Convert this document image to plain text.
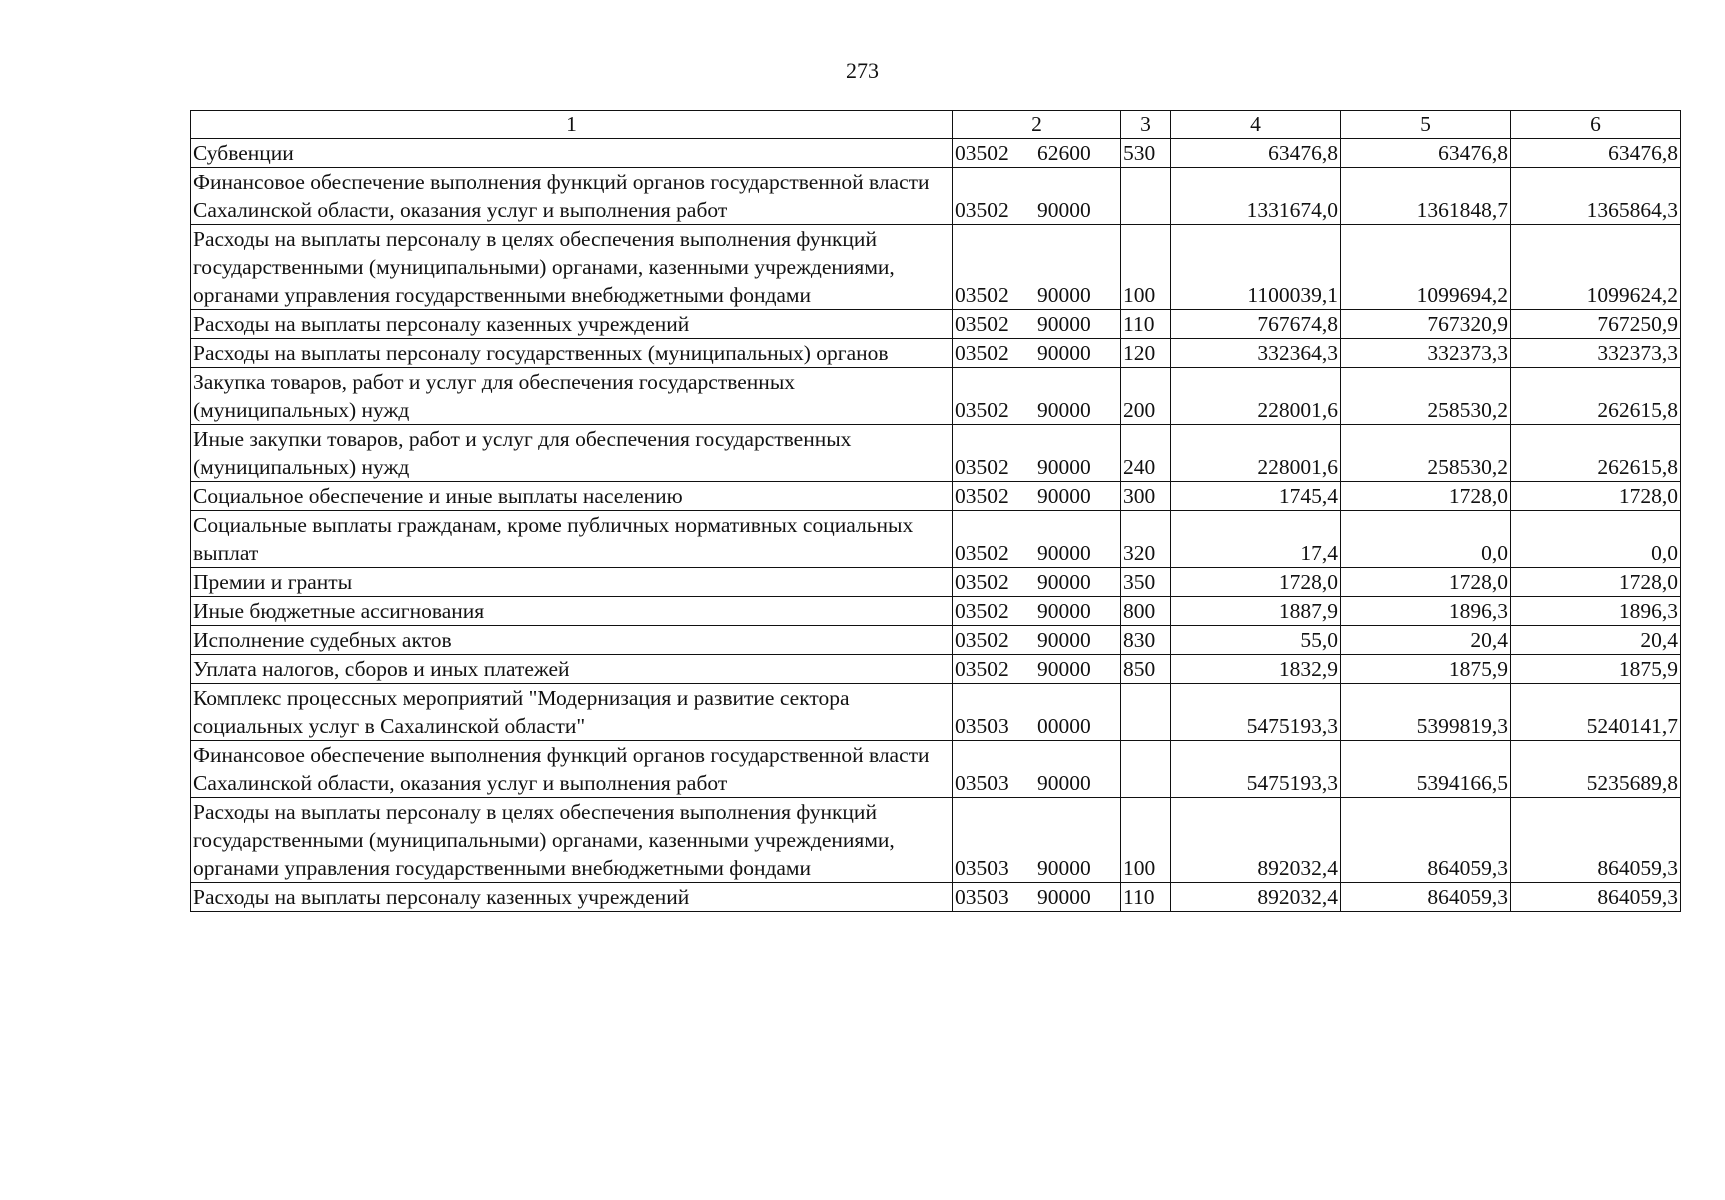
273
1	2	3	4	5	6
Субвенции	03502 62600	530	63476,8	63476,8	63476,8
Финансовое обеспечение выполнения функций органов государственной власти Сахалинской области, оказания услуг и выполнения работ	03502 90000		1331674,0	1361848,7	1365864,3
Расходы на выплаты персоналу в целях обеспечения выполнения функций государственными (муниципальными) органами, казенными учреждениями, органами управления государственными внебюджетными фондами	03502 90000	100	1100039,1	1099694,2	1099624,2
Расходы на выплаты персоналу казенных учреждений	03502 90000	110	767674,8	767320,9	767250,9
Расходы на выплаты персоналу государственных (муниципальных) органов	03502 90000	120	332364,3	332373,3	332373,3
Закупка товаров, работ и услуг для обеспечения государственных (муниципальных) нужд	03502 90000	200	228001,6	258530,2	262615,8
Иные закупки товаров, работ и услуг для обеспечения государственных (муниципальных) нужд	03502 90000	240	228001,6	258530,2	262615,8
Социальное обеспечение и иные выплаты населению	03502 90000	300	1745,4	1728,0	1728,0
Социальные выплаты гражданам, кроме публичных нормативных социальных выплат	03502 90000	320	17,4	0,0	0,0
Премии и гранты	03502 90000	350	1728,0	1728,0	1728,0
Иные бюджетные ассигнования	03502 90000	800	1887,9	1896,3	1896,3
Исполнение судебных актов	03502 90000	830	55,0	20,4	20,4
Уплата налогов, сборов и иных платежей	03502 90000	850	1832,9	1875,9	1875,9
Комплекс процессных мероприятий "Модернизация и развитие сектора социальных услуг в Сахалинской области"	03503 00000		5475193,3	5399819,3	5240141,7
Финансовое обеспечение выполнения функций органов государственной власти Сахалинской области, оказания услуг и выполнения работ	03503 90000		5475193,3	5394166,5	5235689,8
Расходы на выплаты персоналу в целях обеспечения выполнения функций государственными (муниципальными) органами, казенными учреждениями, органами управления государственными внебюджетными фондами	03503 90000	100	892032,4	864059,3	864059,3
Расходы на выплаты персоналу казенных учреждений	03503 90000	110	892032,4	864059,3	864059,3
